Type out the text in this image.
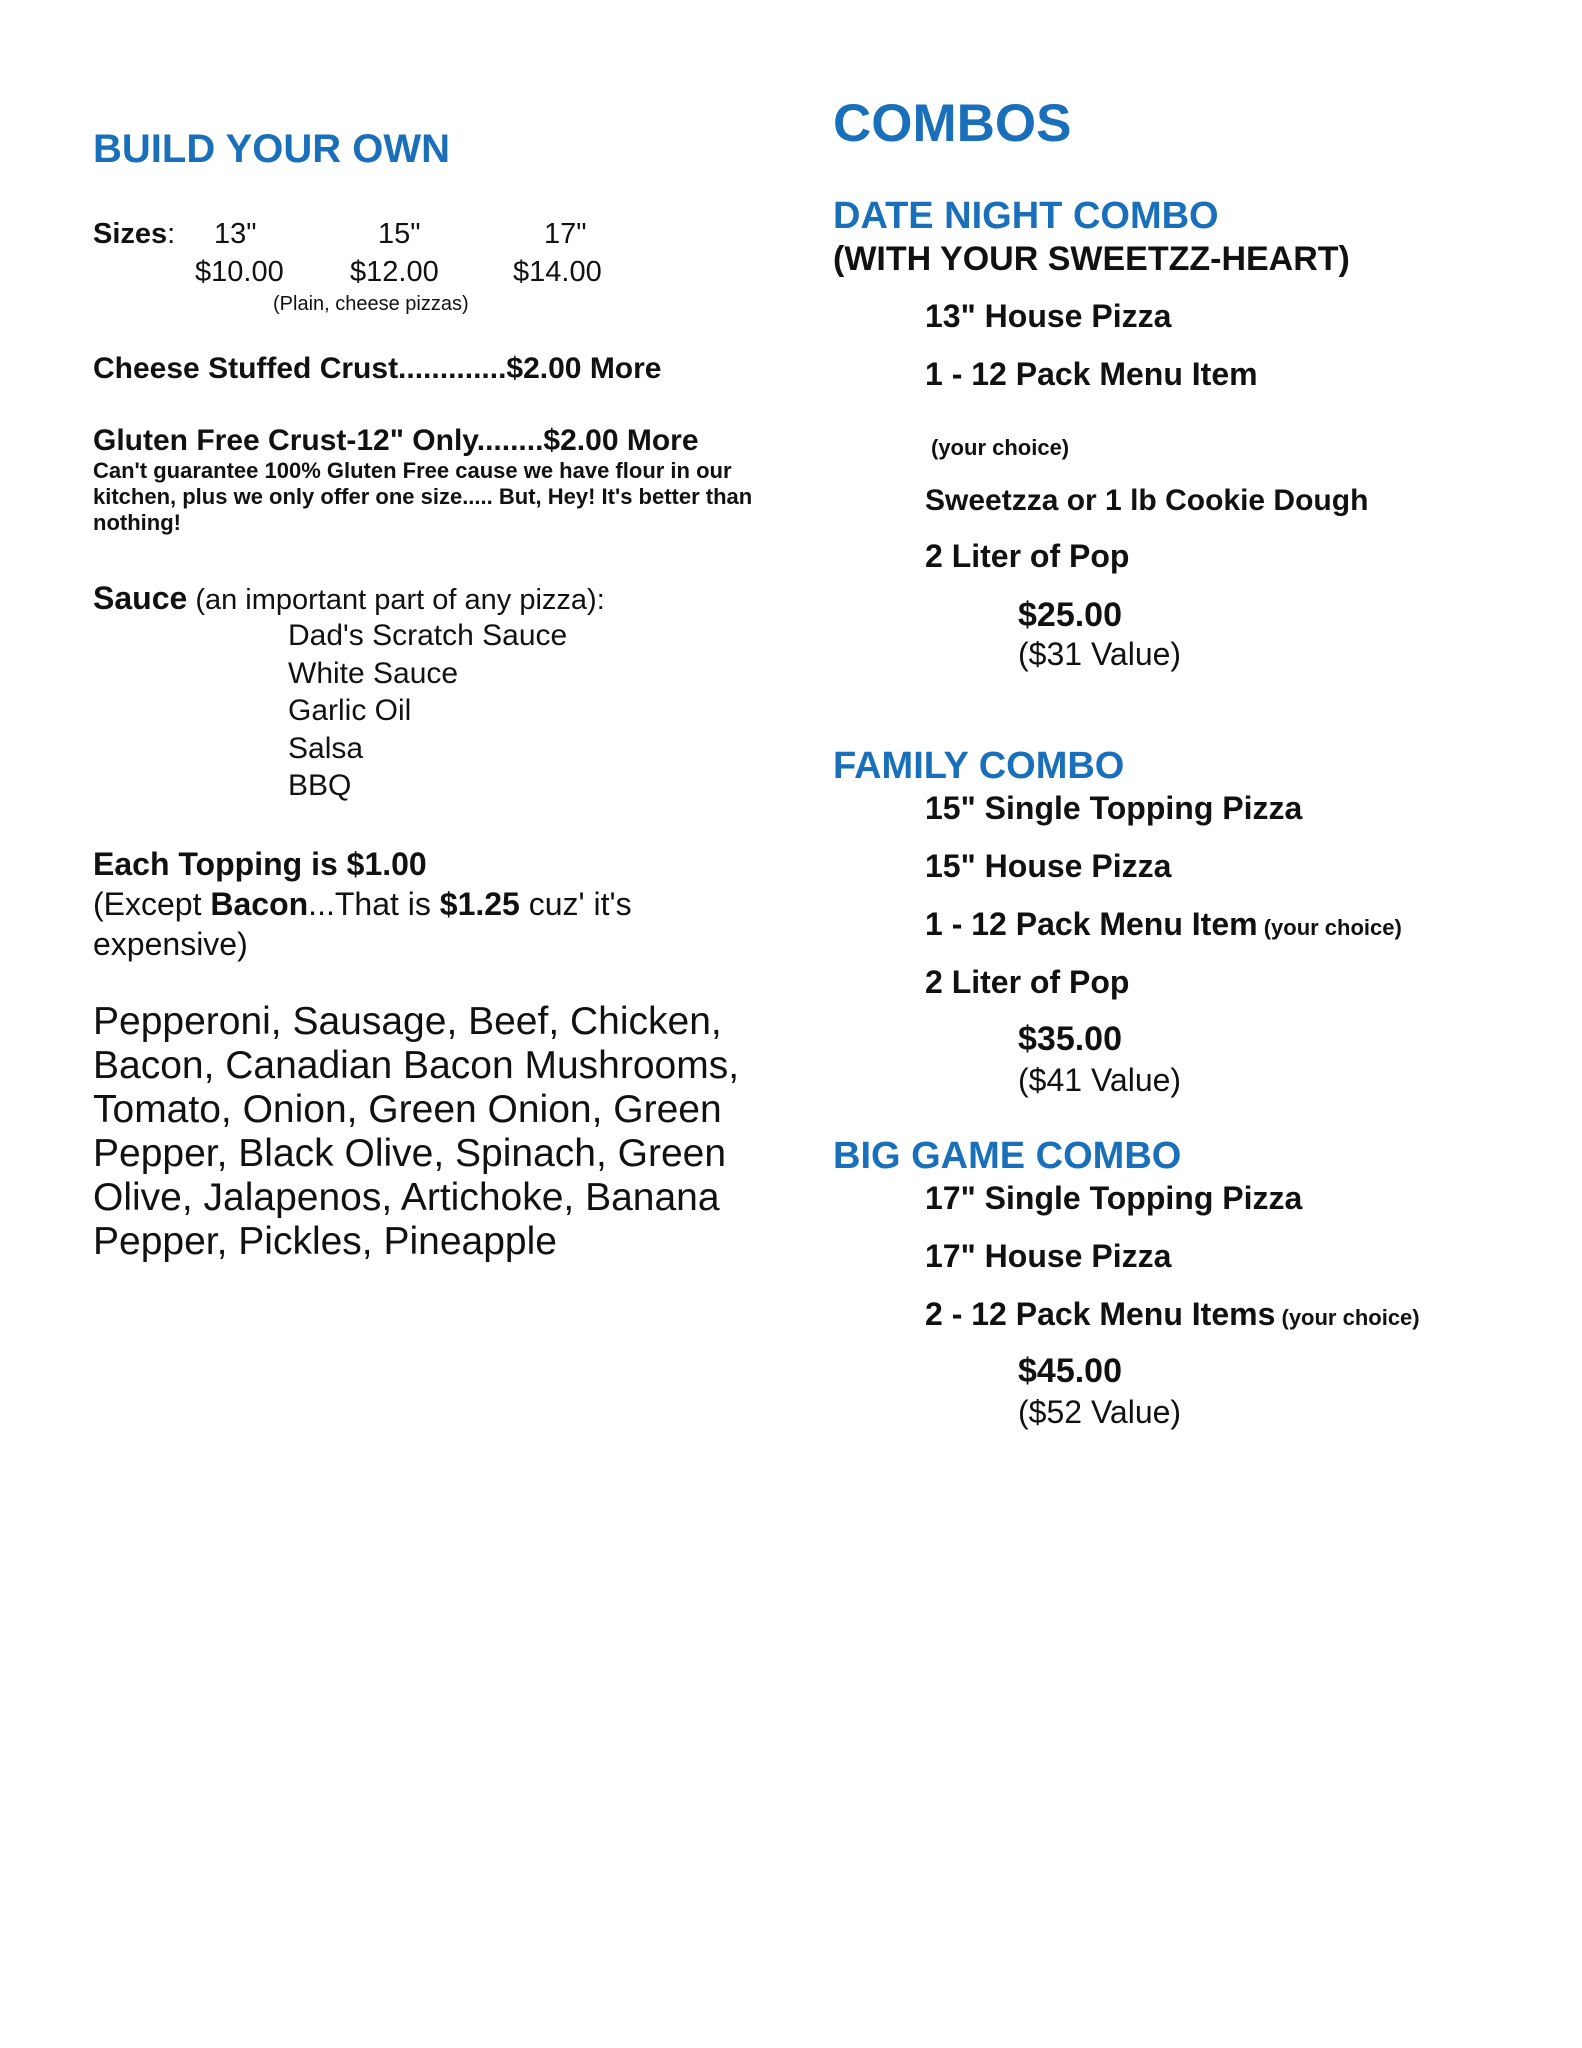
BUILD YOUR OWN
Sizes: 13"	15"	17"
$10.00 $12.00	$14.00
(Plain, cheese pizzas)
Cheese Stuffed Crust.............$2.00 More
Gluten Free Crust-12" Only........$2.00 More
Can't guarantee 100% Gluten Free cause we have flour in our kitchen, plus we only offer one size..... But, Hey! It's better than nothing!
Sauce (an important part of any pizza):
Dad's Scratch Sauce
White Sauce
Garlic Oil
Salsa
BBQ
Each Topping is $1.00
(Except Bacon...That is $1.25 cuz' it's
expensive)
Pepperoni, Sausage, Beef, Chicken, Bacon, Canadian Bacon Mushrooms, Tomato, Onion, Green Onion, Green Pepper, Black Olive, Spinach, Green Olive, Jalapenos, Artichoke, Banana Pepper, Pickles, Pineapple
COMBOS
DATE NIGHT COMBO
(WITH YOUR SWEETZZ-HEART)
13" House Pizza
1 - 12 Pack Menu Item
(your choice)
Sweetzza or 1 lb Cookie Dough
2 Liter of Pop
$25.00
($31 Value)
FAMILY COMBO
15" Single Topping Pizza
15" House Pizza
1 - 12 Pack Menu Item (your choice)
2 Liter of Pop
$35.00
($41 Value)
BIG GAME COMBO
17" Single Topping Pizza
17" House Pizza
2 - 12 Pack Menu Items (your choice)
$45.00
($52 Value)
